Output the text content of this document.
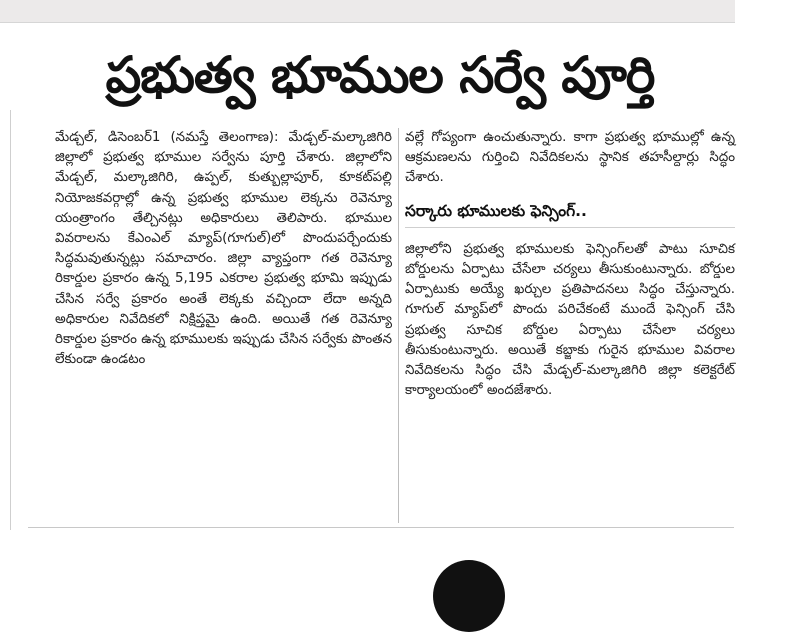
ప్రభుత్వ భూముల సర్వే పూర్తి

మేడ్చల్, డిసెంబర్1 (నమస్తే తెలంగాణ): మేడ్చల్-మల్కాజిగిరి జిల్లాలో ప్రభుత్వ భూముల సర్వేను పూర్తి చేశారు. జిల్లాలోని మేడ్చల్, మల్కాజిగిరి, ఉప్పల్, కుత్బుల్లాపూర్, కూకట్‌పల్లి నియోజకవర్గాల్లో ఉన్న ప్రభుత్వ భూముల లెక్కను రెవెన్యూ యంత్రాంగం తేల్చినట్లు అధికారులు తెలిపారు. భూముల వివరాలను కేఎంఎల్ మ్యాప్(గూగుల్)లో పొందుపర్చేందుకు సిద్ధమవుతున్నట్లు సమాచారం. జిల్లా వ్యాప్తంగా గత రెవెన్యూ రికార్డుల ప్రకారం ఉన్న 5,195 ఎకరాల ప్రభుత్వ భూమి ఇప్పుడు చేసిన సర్వే ప్రకారం అంతే లెక్కకు వచ్చిందా లేదా అన్నది అధికారుల నివేదికలో నిక్షిప్తమై ఉంది. అయితే గత రెవెన్యూ రికార్డుల ప్రకారం ఉన్న భూములకు ఇప్పుడు చేసిన సర్వేకు పొంతన లేకుండా ఉండటం

వల్లే గోప్యంగా ఉంచుతున్నారు. కాగా ప్రభుత్వ భూముల్లో ఉన్న ఆక్రమణలను గుర్తించి నివేదికలను స్థానిక తహసీల్దార్లు సిద్ధం చేశారు.

సర్కారు భూములకు ఫెన్సింగ్..

జిల్లాలోని ప్రభుత్వ భూములకు ఫెన్సింగ్‌లతో పాటు సూచిక బోర్డులను ఏర్పాటు చేసేలా చర్యలు తీసుకుంటున్నారు. బోర్డుల ఏర్పాటుకు అయ్యే ఖర్చుల ప్రతిపాదనలు సిద్ధం చేస్తున్నారు. గూగుల్ మ్యాప్‌లో పొందు పరిచేకంటే ముందే ఫెన్సింగ్ చేసి ప్రభుత్వ సూచిక బోర్డుల ఏర్పాటు చేసేలా చర్యలు తీసుకుంటున్నారు. అయితే కబ్జాకు గురైన భూముల వివరాల నివేదికలను సిద్ధం చేసి మేడ్చల్-మల్కాజిగిరి జిల్లా కలెక్టరేట్ కార్యాలయంలో అందజేశారు.
